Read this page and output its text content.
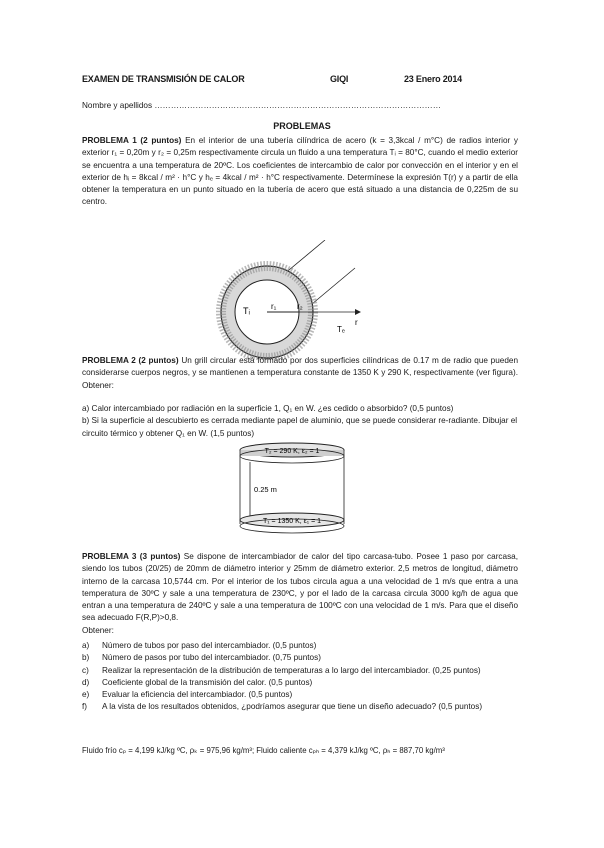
EXAMEN DE TRANSMISIÓN DE CALOR	GIQI	23 Enero 2014
Nombre y apellidos ……………………………………………………………………………………………
PROBLEMAS

PROBLEMA 1 (2 puntos) En el interior de una tubería cilíndrica de acero (k = 3,3kcal / m°C) de radios interior y exterior r₁ = 0,20m y r₂ = 0,25m respectivamente circula un fluido a una temperatura Tᵢ = 80°C, cuando el medio exterior se encuentra a una temperatura de 20ºC. Los coeficientes de intercambio de calor por convección en el interior y en el exterior de hᵢ = 8kcal / m² · h°C y hₑ = 4kcal / m² · h°C respectivamente. Determínese la expresión T(r) y a partir de ella obtener la temperatura en un punto situado en la tubería de acero que está situado a una distancia de 0,225m de su centro.

Tᵢ	r₁	r₂
Tₑ
r

PROBLEMA 2 (2 puntos) Un grill circular está formado por dos superficies cilíndricas de 0.17 m de radio que pueden considerarse cuerpos negros, y se mantienen a temperatura constante de 1350 K y 290 K, respectivamente (ver figura). Obtener:

a) Calor intercambiado por radiación en la superficie 1, Q₁ en W. ¿es cedido o absorbido? (0,5 puntos)

b) Si la superficie al descubierto es cerrada mediante papel de aluminio, que se puede considerar re-radiante. Dibujar el circuito térmico y obtener Q₁ en W. (1,5 puntos)

T₂ = 290 K, ε₂ = 1
0.25 m
T₁ = 1350 K, ε₁ = 1

PROBLEMA 3 (3 puntos) Se dispone de intercambiador de calor del tipo carcasa-tubo. Posee 1 paso por carcasa, siendo los tubos (20/25) de 20mm de diámetro interior y 25mm de diámetro exterior. 2,5 metros de longitud, diámetro interno de la carcasa 10,5744 cm. Por el interior de los tubos circula agua a una velocidad de 1 m/s que entra a una temperatura de 30ºC y sale a una temperatura de 230ºC, y por el lado de la carcasa circula 3000 kg/h de agua que entran a una temperatura de 240ºC y sale a una temperatura de 100ºC con una velocidad de 1 m/s. Para que el diseño sea adecuado F(R,P)>0,8.

Obtener:

a) Número de tubos por paso del intercambiador. (0,5 puntos)
b) Número de pasos por tubo del intercambiador. (0,75 puntos)
c) Realizar la representación de la distribución de temperaturas a lo largo del intercambiador. (0,25 puntos)
d) Coeficiente global de la transmisión del calor. (0,5 puntos)
e) Evaluar la eficiencia del intercambiador. (0,5 puntos)
f) A la vista de los resultados obtenidos, ¿podríamos asegurar que tiene un diseño adecuado? (0,5 puntos)
Fluido frío cₚ = 4,199 kJ/kg ºC, ρₖ = 975,96 kg/m³; Fluido caliente cₚₕ = 4,379 kJ/kg ºC, ρₕ = 887,70 kg/m³
